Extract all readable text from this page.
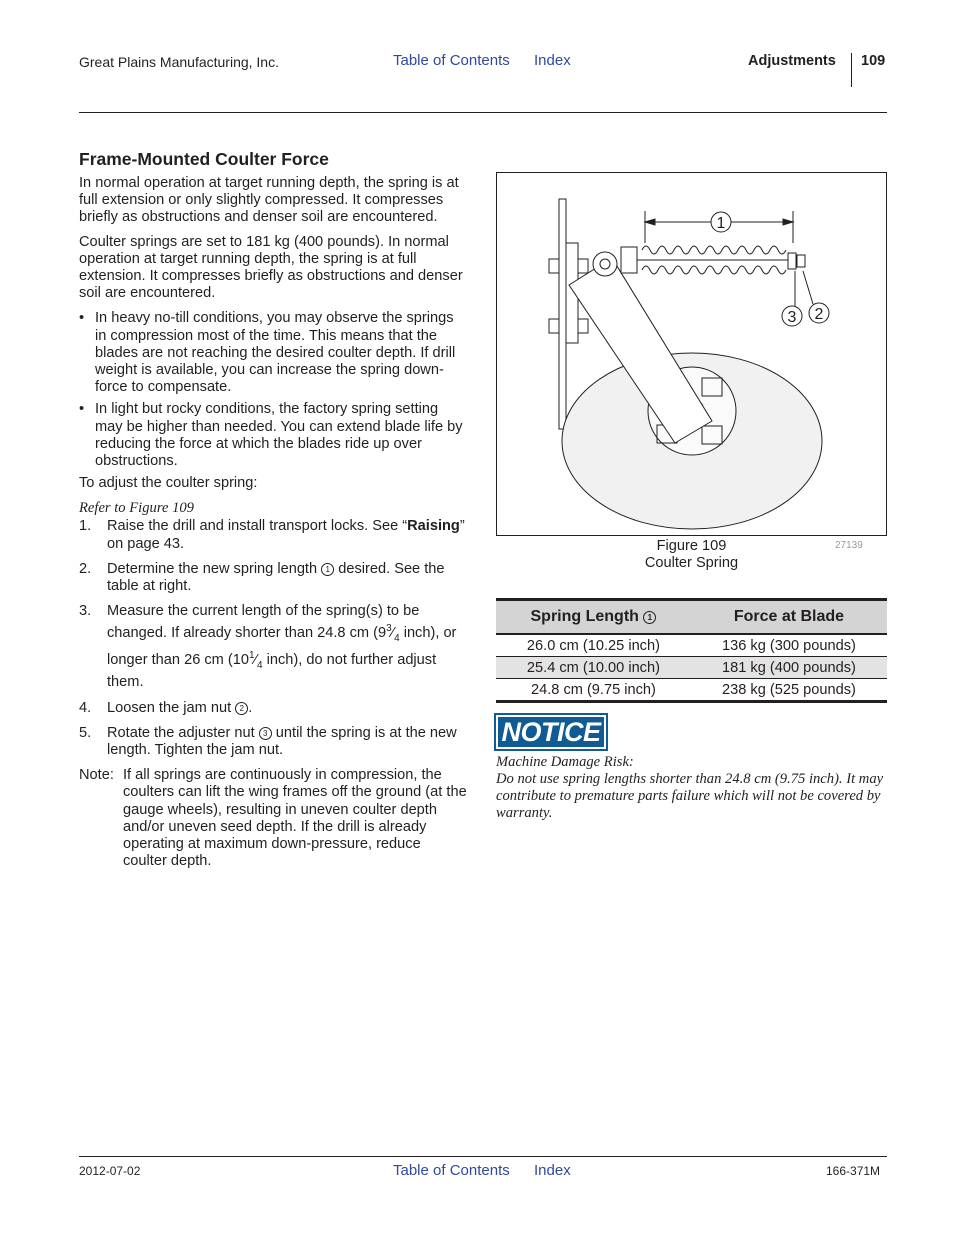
Great Plains Manufacturing, Inc.	Table of Contents Index	Adjustments 109
Frame-Mounted Coulter Force

In normal operation at target running depth, the spring is at full extension or only slightly compressed. It compresses briefly as obstructions and denser soil are encountered.

Coulter springs are set to 181 kg (400 pounds). In normal operation at target running depth, the spring is at full extension. It compresses briefly as obstructions and denser soil are encountered.

• In heavy no-till conditions, you may observe the springs in compression most of the time. This means that the blades are not reaching the desired coulter depth. If drill weight is available, you can increase the spring down-force to compensate.

• In light but rocky conditions, the factory spring setting may be higher than needed. You can extend blade life by reducing the force at which the blades ride up over obstructions.

To adjust the coulter spring:

Refer to Figure 109

1. Raise the drill and install transport locks. See “Raising” on page 43.

2. Determine the new spring length 1 desired. See the table at right.

3. Measure the current length of the spring(s) to be changed. If already shorter than 24.8 cm ($9^3⁄_4$ inch), or longer than 26 cm ($10^1⁄_4$ inch), do not further adjust them.

4. Loosen the jam nut 2 .

5. Rotate the adjuster nut 3 until the spring is at the new length. Tighten the jam nut.

Note: If all springs are continuously in compression, the coulters can lift the wing frames off the ground (at the gauge wheels), resulting in uneven coulter depth and/or uneven seed depth. If the drill is already operating at maximum down-pressure, reduce coulter depth.

1
3 2
Figure 109
Coulter Spring
27139
Spring Length 1	Force at Blade
26.0 cm (10.25 inch)	136 kg (300 pounds)
25.4 cm (10.00 inch)	181 kg (400 pounds)
24.8 cm (9.75 inch)	238 kg (525 pounds)
NOTICE
Machine Damage Risk:
Do not use spring lengths shorter than 24.8 cm (9.75 inch). It may contribute to premature parts failure which will not be covered by warranty.
2012-07-02	Table of Contents Index	166-371M
